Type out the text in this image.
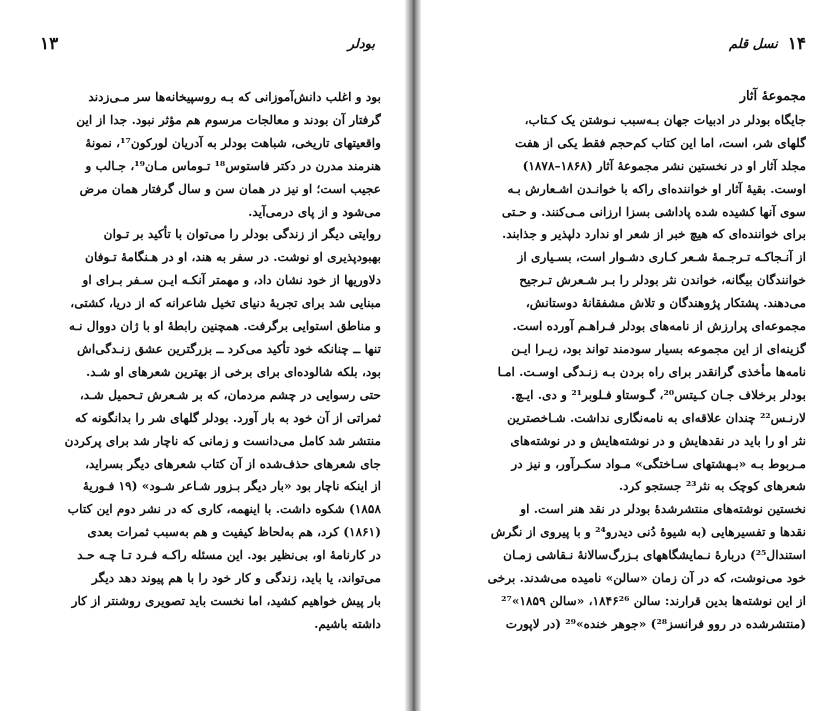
بودلر
۱۳
بود و اغلب دانش‌آموزانی که بـه روسپیخانه‌ها سر مـی‌زدند
گرفتار آن بودند و معالجات مرسوم هم مؤثر نبود. جدا از این
واقعیتهای تاریخی، شباهت بودلر به آدریان لورکون¹⁷، نمونهٔ
هنرمند مدرن در دکتر فاستوس¹⁸ تـوماس مـان¹⁹، جـالب و
عجیب است؛ او نیز در همان سن و سال گرفتار همان مرض
می‌شود و از پای درمی‌آید.
روایتی دیگر از زندگی بودلر را می‌توان با تأکید بر تـوان
بهبودپذیری او نوشت. در سفر به هند، او در هـنگامهٔ تـوفان
دلاوریها از خود نشان داد، و مهمتر آنکـه ایـن سـفر بـرای او
مبنایی شد برای تجربهٔ دنیای تخیل شاعرانه که از دریا، کشتی،
و مناطق استوایی برگرفت. همچنین رابطهٔ او با ژان دووال نـه
تنها ــ چنانکه خود تأکید می‌کرد ــ بزرگترین عشق زنـدگی‌اش
بود، بلکه شالوده‌ای برای برخی از بهترین شعرهای او شـد.
حتی رسوایی در چشم مردمان، که بر شـعرش تـحمیل شـد،
ثمراتی از آن خود به بار آورد. بودلر گلهای شر را بدانگونه که
منتشر شد کامل می‌دانست و زمانی که ناچار شد برای پرکردن
جای شعرهای حذف‌شده از آن کتاب شعرهای دیگر بسراید،
از اینکه ناچار بود «بار دیگر بـزور شـاعر شـود» (۱۹ فـوریهٔ
۱۸۵۸) شکوه داشت. با اینهمه، کاری که در نشر دوم این کتاب
(۱۸۶۱) کرد، هم به‌لحاظ کیفیت و هم به‌سبب ثمرات بعدی
در کارنامهٔ او، بی‌نظیر بود. این مسئله راکـه فـرد تـا چـه حـد
می‌تواند، یا باید، زندگی و کار خود را با هم پیوند دهد دیگر
بار پیش خواهیم کشید، اما نخست باید تصویری روشنتر از کار
داشته باشیم.
۱۴
نسل قلم
مجموعهٔ آثار
جایگاه بودلر در ادبیات جهان بـه‌سبب نـوشتن یک کـتاب،
گلهای شر، است، اما این کتاب کم‌حجم فقط یکی از هفت
مجلد آثار او در نخستین نشر مجموعهٔ آثار (۱۸۶۸–۱۸۷۸)
اوست. بقیهٔ آثار او خواننده‌ای راکه با خوانـدن اشـعارش بـه
سوی آنها کشیده شده پاداشی بسزا ارزانی مـی‌کنند. و حـتی
برای خواننده‌ای که هیچ خبر از شعر او ندارد دلپذیر و جذابند.
از آنـجاکـه تـرجـمهٔ شـعر کـاری دشـوار است، بسـیاری از
خوانندگان بیگانه، خواندن نثر بودلر را بـر شـعرش تـرجیح
می‌دهند. پشتکار پژوهندگان و تلاش مشفقانهٔ دوستانش،
مجموعه‌ای پرارزش از نامه‌های بودلر فـراهـم آورده است.
گزینه‌ای از این مجموعه بسیار سودمند تواند بود، زیـرا ایـن
نامه‌ها مأخذی گرانقدر برای راه بردن بـه زنـدگی اوسـت. امـا
بودلر برخلاف جـان کـیتس²⁰، گـوستاو فـلوبر²¹ و دی. ایـچ.
لارنـس²² چندان علاقه‌ای به نامه‌نگاری نداشت. شـاخصترین
نثر او را باید در نقدهایش و در نوشته‌هایش و در نوشته‌های
مـربوط بـه «بـهشتهای سـاختگی» مـواد سکـرآور، و نیز در
شعرهای کوچک به نثر²³ جستجو کرد.
نخستین نوشته‌های منتشرشدهٔ بودلر در نقد هنر است. او
نقدها و تفسیرهایی (به شیوهٔ دُنی دیدرو²⁴ و با پیروی از نگرش
استندال²⁵) دربارهٔ نـمایشگاههای بـزرگ‌سالانهٔ نـقاشی زمـان
خود می‌نوشت، که در آن زمان «سالن» نامیده می‌شدند. برخی
از این نوشته‌ها بدین قرارند: سالن ۱۸۴۶²⁶، «سالن ۱۸۵۹»²⁷
(منتشرشده در روو فرانسز²⁸) «جوهر خنده»²⁹ (در لاپورت
